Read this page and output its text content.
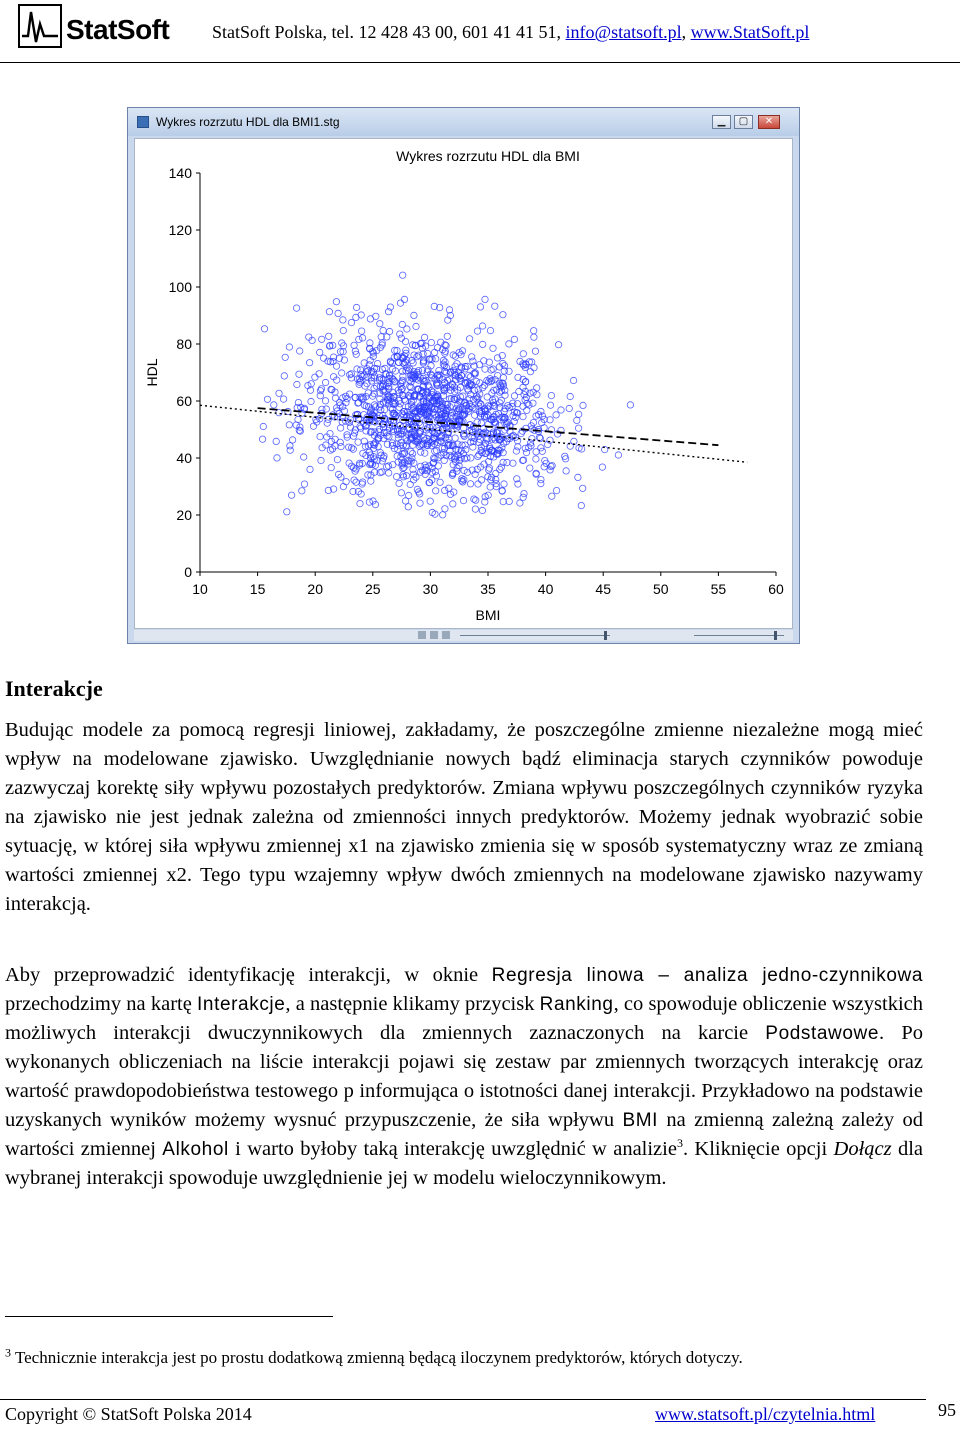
StatSoft StatSoft Polska, tel. 12 428 43 00, 601 41 41 51, info@statsoft.pl, www.StatSoft.pl
Wykres rozrzutu HDL dla BMI1.stg	▁	▢	✕
Wykres rozrzutu HDL dla BMI
0
20
40
60
80
100
120
140
10	15	20	25	30	35	40	45	50	55	60
BMI
HDL
Interakcje

Budując modele za pomocą regresji liniowej, zakładamy, że poszczególne zmienne niezależne mogą mieć wpływ na modelowane zjawisko. Uwzględnianie nowych bądź eliminacja starych czynników powoduje zazwyczaj korektę siły wpływu pozostałych predyktorów. Zmiana wpływu poszczególnych czynników ryzyka na zjawisko nie jest jednak zależna od zmienności innych predyktorów. Możemy jednak wyobrazić sobie sytuację, w której siła wpływu zmiennej x1 na zjawisko zmienia się w sposób systematyczny wraz ze zmianą wartości zmiennej x2. Tego typu wzajemny wpływ dwóch zmiennych na modelowane zjawisko nazywamy interakcją.

Aby przeprowadzić identyfikację interakcji, w oknie Regresja linowa – analiza jedno-czynnikowa przechodzimy na kartę Interakcje, a następnie klikamy przycisk Ranking, co spowoduje obliczenie wszystkich możliwych interakcji dwuczynnikowych dla zmiennych zaznaczonych na karcie Podstawowe. Po wykonanych obliczeniach na liście interakcji pojawi się zestaw par zmiennych tworzących interakcję oraz wartość prawdopodobieństwa testowego p informująca o istotności danej interakcji. Przykładowo na podstawie uzyskanych wyników możemy wysnuć przypuszczenie, że siła wpływu BMI na zmienną zależną zależy od wartości zmiennej Alkohol i warto byłoby taką interakcję uwzględnić w analizie$^3$. Kliknięcie opcji Dołącz dla wybranej interakcji spowoduje uwzględnienie jej w modelu wieloczynnikowym.

$^3$ Technicznie interakcja jest po prostu dodatkową zmienną będącą iloczynem predyktorów, których dotyczy.
Copyright © StatSoft Polska 2014	www.statsoft.pl/czytelnia.html	95
